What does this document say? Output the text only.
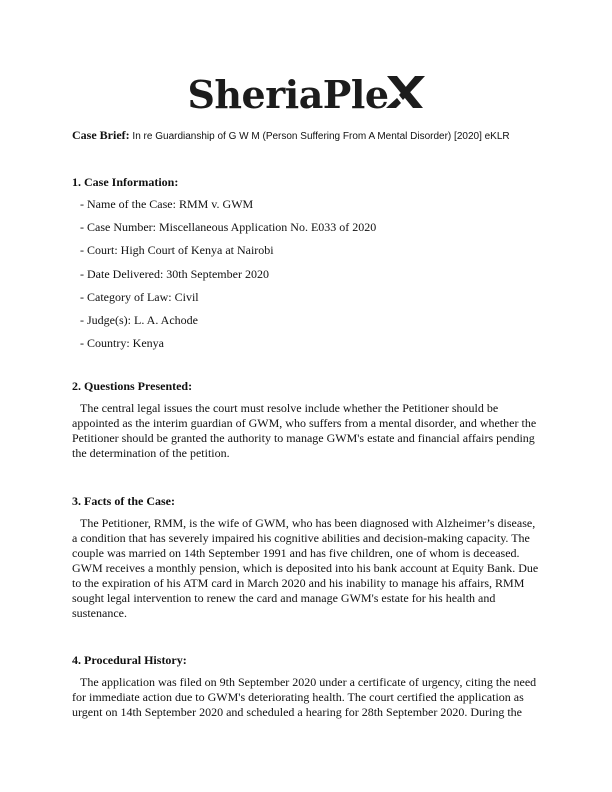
SheriaPle
Case Brief: In re Guardianship of G W M (Person Suffering From A Mental Disorder) [2020] eKLR
1. Case Information:
- Name of the Case: RMM v. GWM
- Case Number: Miscellaneous Application No. E033 of 2020
- Court: High Court of Kenya at Nairobi
- Date Delivered: 30th September 2020
- Category of Law: Civil
- Judge(s): L. A. Achode
- Country: Kenya
2. Questions Presented:

The central legal issues the court must resolve include whether the Petitioner should be appointed as the interim guardian of GWM, who suffers from a mental disorder, and whether the Petitioner should be granted the authority to manage GWM's estate and financial affairs pending the determination of the petition.

3. Facts of the Case:

The Petitioner, RMM, is the wife of GWM, who has been diagnosed with Alzheimer’s disease, a condition that has severely impaired his cognitive abilities and decision-making capacity. The couple was married on 14th September 1991 and has five children, one of whom is deceased. GWM receives a monthly pension, which is deposited into his bank account at Equity Bank. Due to the expiration of his ATM card in March 2020 and his inability to manage his affairs, RMM sought legal intervention to renew the card and manage GWM's estate for his health and sustenance.

4. Procedural History:

The application was filed on 9th September 2020 under a certificate of urgency, citing the need for immediate action due to GWM's deteriorating health. The court certified the application as urgent on 14th September 2020 and scheduled a hearing for 28th September 2020. During the
